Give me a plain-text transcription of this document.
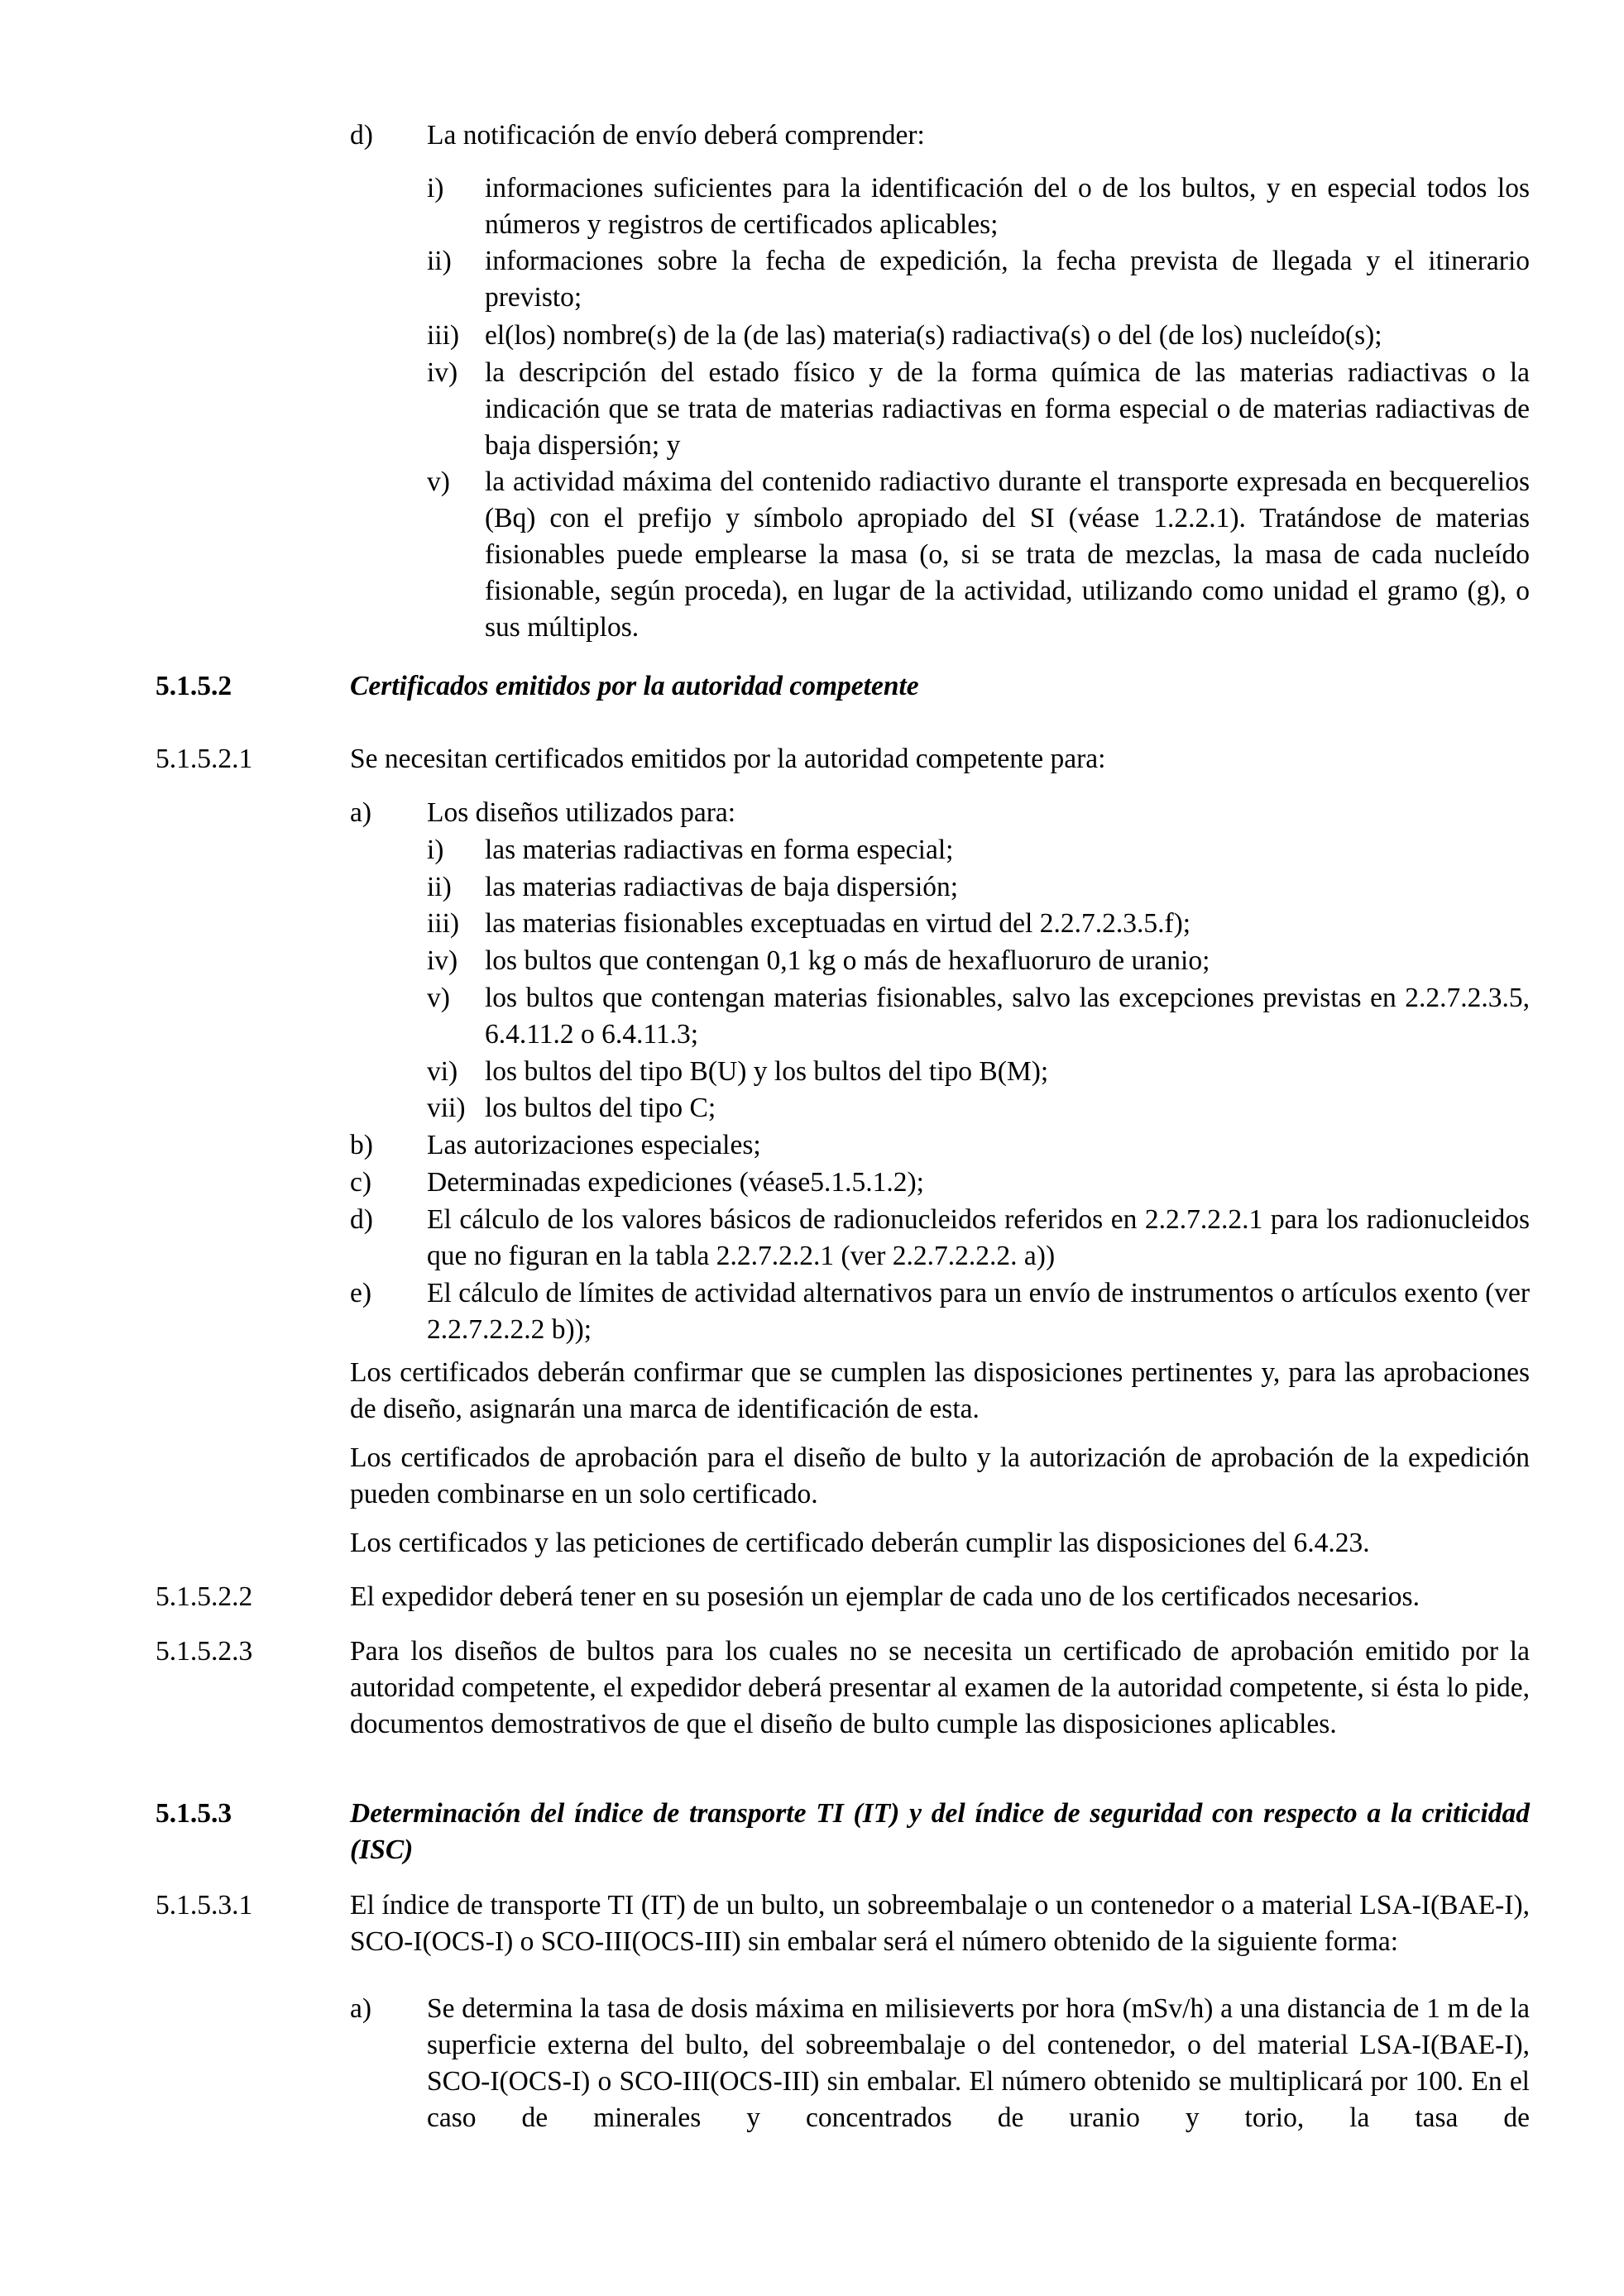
d) La notificación de envío deberá comprender:
i) informaciones suficientes para la identificación del o de los bultos, y en especial todos los números y registros de certificados aplicables;
ii) informaciones sobre la fecha de expedición, la fecha prevista de llegada y el itinerario previsto;
iii) el(los) nombre(s) de la (de las) materia(s) radiactiva(s) o del (de los) nucleído(s);
iv) la descripción del estado físico y de la forma química de las materias radiactivas o la indicación que se trata de materias radiactivas en forma especial o de materias radiactivas de baja dispersión; y
v) la actividad máxima del contenido radiactivo durante el transporte expresada en becquerelios (Bq) con el prefijo y símbolo apropiado del SI (véase 1.2.2.1). Tratándose de materias fisionables puede emplearse la masa (o, si se trata de mezclas, la masa de cada nucleído fisionable, según proceda), en lugar de la actividad, utilizando como unidad el gramo (g), o sus múltiplos.
5.1.5.2	Certificados emitidos por la autoridad competente
5.1.5.2.1	Se necesitan certificados emitidos por la autoridad competente para:
a) Los diseños utilizados para:
i) las materias radiactivas en forma especial;
ii) las materias radiactivas de baja dispersión;
iii) las materias fisionables exceptuadas en virtud del 2.2.7.2.3.5.f);
iv) los bultos que contengan 0,1 kg o más de hexafluoruro de uranio;
v) los bultos que contengan materias fisionables, salvo las excepciones previstas en 2.2.7.2.3.5, 6.4.11.2 o 6.4.11.3;
vi) los bultos del tipo B(U) y los bultos del tipo B(M);
vii) los bultos del tipo C;
b) Las autorizaciones especiales;
c) Determinadas expediciones (véase5.1.5.1.2);
d) El cálculo de los valores básicos de radionucleidos referidos en 2.2.7.2.2.1 para los radionucleidos que no figuran en la tabla 2.2.7.2.2.1 (ver 2.2.7.2.2.2. a))
e) El cálculo de límites de actividad alternativos para un envío de instrumentos o artículos exento (ver 2.2.7.2.2.2 b));
Los certificados deberán confirmar que se cumplen las disposiciones pertinentes y, para las aprobaciones de diseño, asignarán una marca de identificación de esta.
Los certificados de aprobación para el diseño de bulto y la autorización de aprobación de la expedición pueden combinarse en un solo certificado.
Los certificados y las peticiones de certificado deberán cumplir las disposiciones del 6.4.23.
5.1.5.2.2	El expedidor deberá tener en su posesión un ejemplar de cada uno de los certificados necesarios.
5.1.5.2.3	Para los diseños de bultos para los cuales no se necesita un certificado de aprobación emitido por la autoridad competente, el expedidor deberá presentar al examen de la autoridad competente, si ésta lo pide, documentos demostrativos de que el diseño de bulto cumple las disposiciones aplicables.
5.1.5.3	Determinación del índice de transporte TI (IT) y del índice de seguridad con respecto a la criticidad (ISC)
5.1.5.3.1	El índice de transporte TI (IT) de un bulto, un sobreembalaje o un contenedor o a material LSA-I(BAE-I), SCO-I(OCS-I) o SCO-III(OCS-III) sin embalar será el número obtenido de la siguiente forma:
a) Se determina la tasa de dosis máxima en milisieverts por hora (mSv/h) a una distancia de 1 m de la superficie externa del bulto, del sobreembalaje o del contenedor, o del material LSA-I(BAE-I), SCO-I(OCS-I) o SCO-III(OCS-III) sin embalar. El número obtenido se multiplicará por 100. En el caso de minerales y concentrados de uranio y torio, la tasa de
